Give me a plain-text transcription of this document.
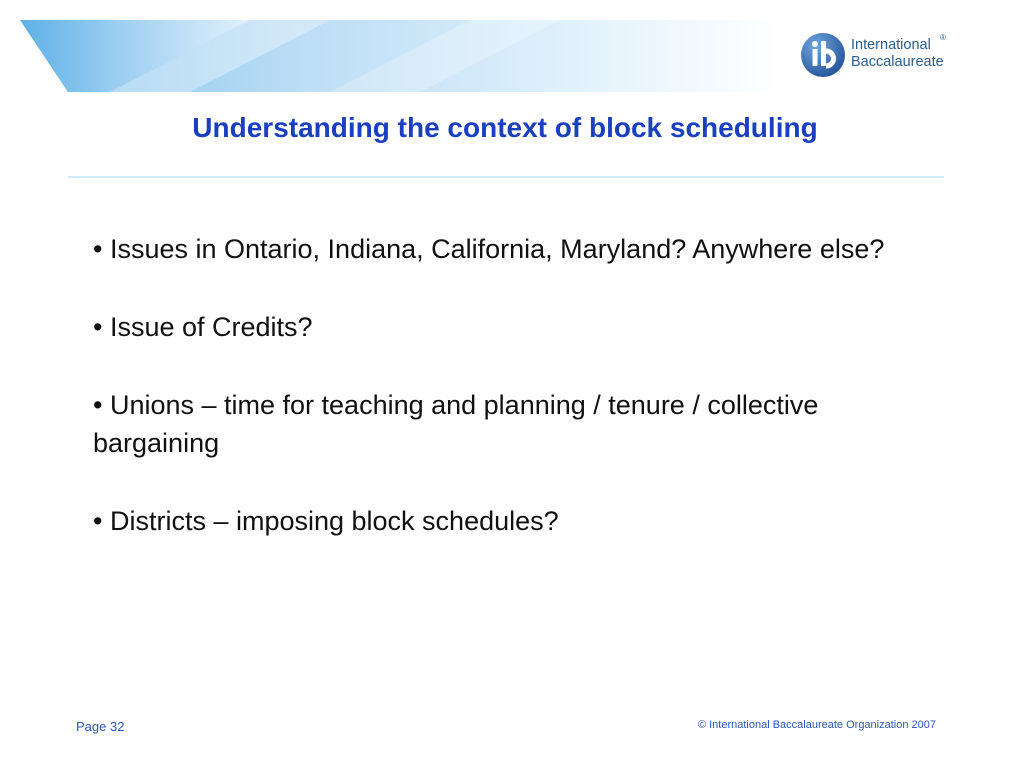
International
Baccalaureate
®
Understanding the context of block scheduling
• Issues in Ontario, Indiana, California, Maryland? Anywhere else?
• Issue of Credits?
• Unions – time for teaching and planning / tenure / collective bargaining
• Districts – imposing block schedules?
Page 32	© International Baccalaureate Organization 2007
